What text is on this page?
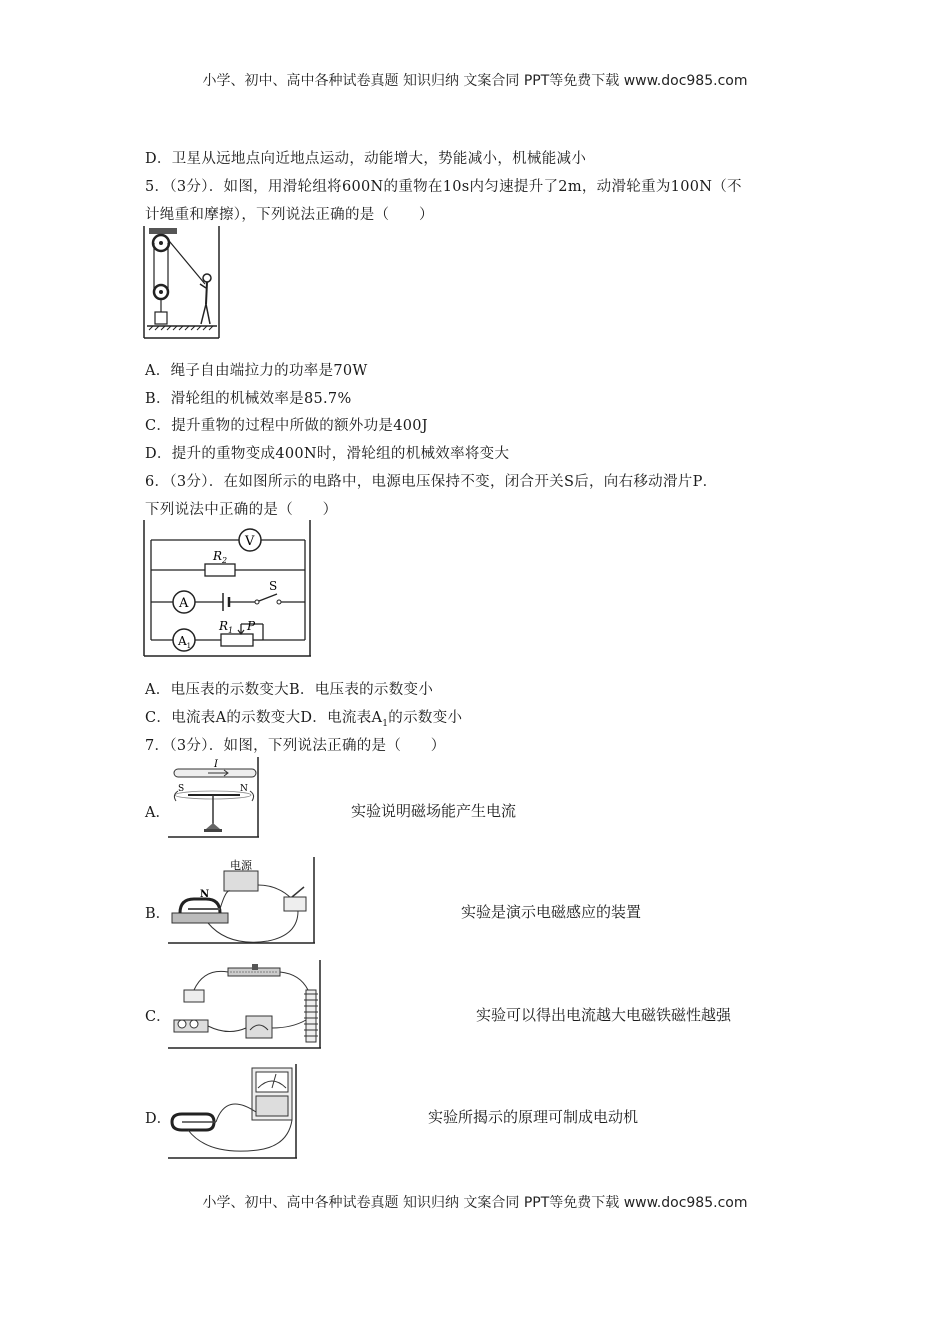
小学、初中、高中各种试卷真题 知识归纳 文案合同 PPT等免费下载 www.doc985.com
D．卫星从远地点向近地点运动，动能增大，势能减小，机械能减小
5．（3分）．如图，用滑轮组将600N的重物在10s内匀速提升了2m，动滑轮重为100N（不
计绳重和摩擦），下列说法正确的是（　　）
A．绳子自由端拉力的功率是70W
B．滑轮组的机械效率是85.7%
C．提升重物的过程中所做的额外功是400J
D．提升的重物变成400N时，滑轮组的机械效率将变大
6．（3分）．在如图所示的电路中，电源电压保持不变，闭合开关S后，向右移动滑片P．
下列说法中正确的是（　　）
V
$R_2$
A
S
$A_1$
$R_1$ P
A．电压表的示数变大B．电压表的示数变小
C．电流表A的示数变大D．电流表$A_1$的示数变小
7．（3分）．如图，下列说法正确的是（　　）
A．
I
N
S
实验说明磁场能产生电流
B．
电源
N
实验是演示电磁感应的装置
C．	实验可以得出电流越大电磁铁磁性越强
D．	实验所揭示的原理可制成电动机
小学、初中、高中各种试卷真题 知识归纳 文案合同 PPT等免费下载 www.doc985.com
